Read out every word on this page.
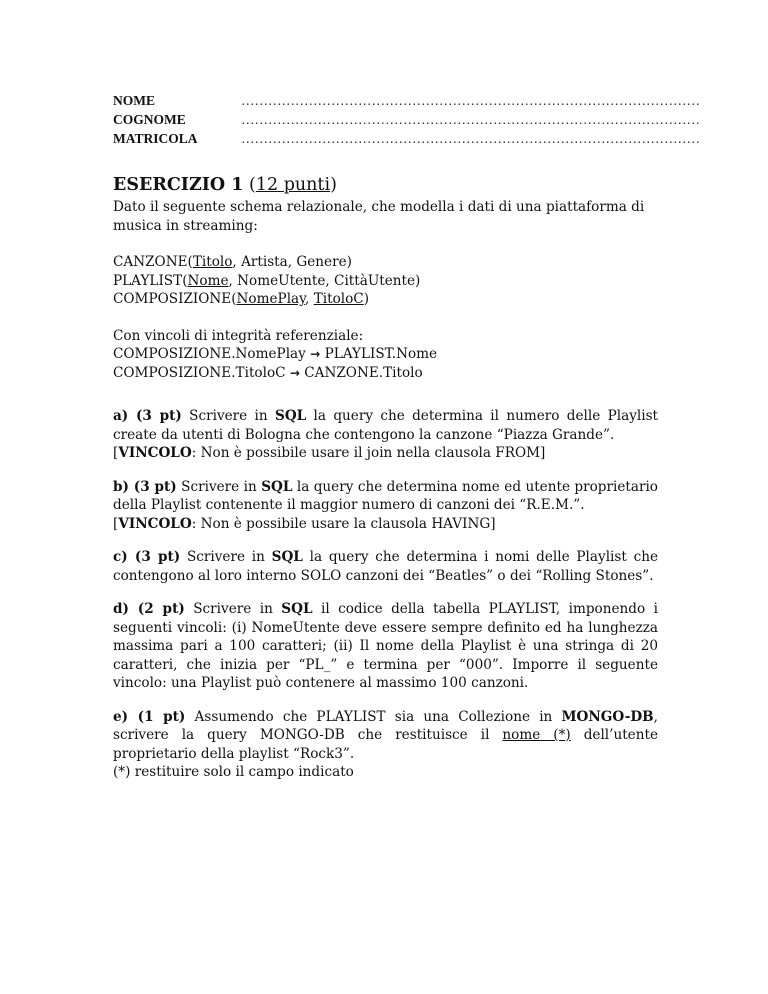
NOME	…………………………………………………………………………………………
COGNOME	…………………………………………………………………………………………
MATRICOLA	…………………………………………………………………………………………
ESERCIZIO 1 (12 punti)

Dato il seguente schema relazionale, che modella i dati di una piattaforma di musica in streaming:

CANZONE(Titolo, Artista, Genere)

PLAYLIST(Nome, NomeUtente, CittàUtente)

COMPOSIZIONE(NomePlay, TitoloC)

Con vincoli di integrità referenziale:

COMPOSIZIONE.NomePlay → PLAYLIST.Nome

COMPOSIZIONE.TitoloC → CANZONE.Titolo

a) (3 pt) Scrivere in SQL la query che determina il numero delle Playlist create da utenti di Bologna che contengono la canzone “Piazza Grande”.
[VINCOLO: Non è possibile usare il join nella clausola FROM]

b) (3 pt) Scrivere in SQL la query che determina nome ed utente proprietario della Playlist contenente il maggior numero di canzoni dei “R.E.M.”.
[VINCOLO: Non è possibile usare la clausola HAVING]

c) (3 pt) Scrivere in SQL la query che determina i nomi delle Playlist che contengono al loro interno SOLO canzoni dei “Beatles” o dei “Rolling Stones”.

d) (2 pt) Scrivere in SQL il codice della tabella PLAYLIST, imponendo i seguenti vincoli: (i) NomeUtente deve essere sempre definito ed ha lunghezza massima pari a 100 caratteri; (ii) Il nome della Playlist è una stringa di 20 caratteri, che inizia per “PL_” e termina per “000”. Imporre il seguente vincolo: una Playlist può contenere al massimo 100 canzoni.

e) (1 pt) Assumendo che PLAYLIST sia una Collezione in MONGO-DB, scrivere la query MONGO-DB che restituisce il nome (*) dell’utente proprietario della playlist “Rock3”.
(*) restituire solo il campo indicato
